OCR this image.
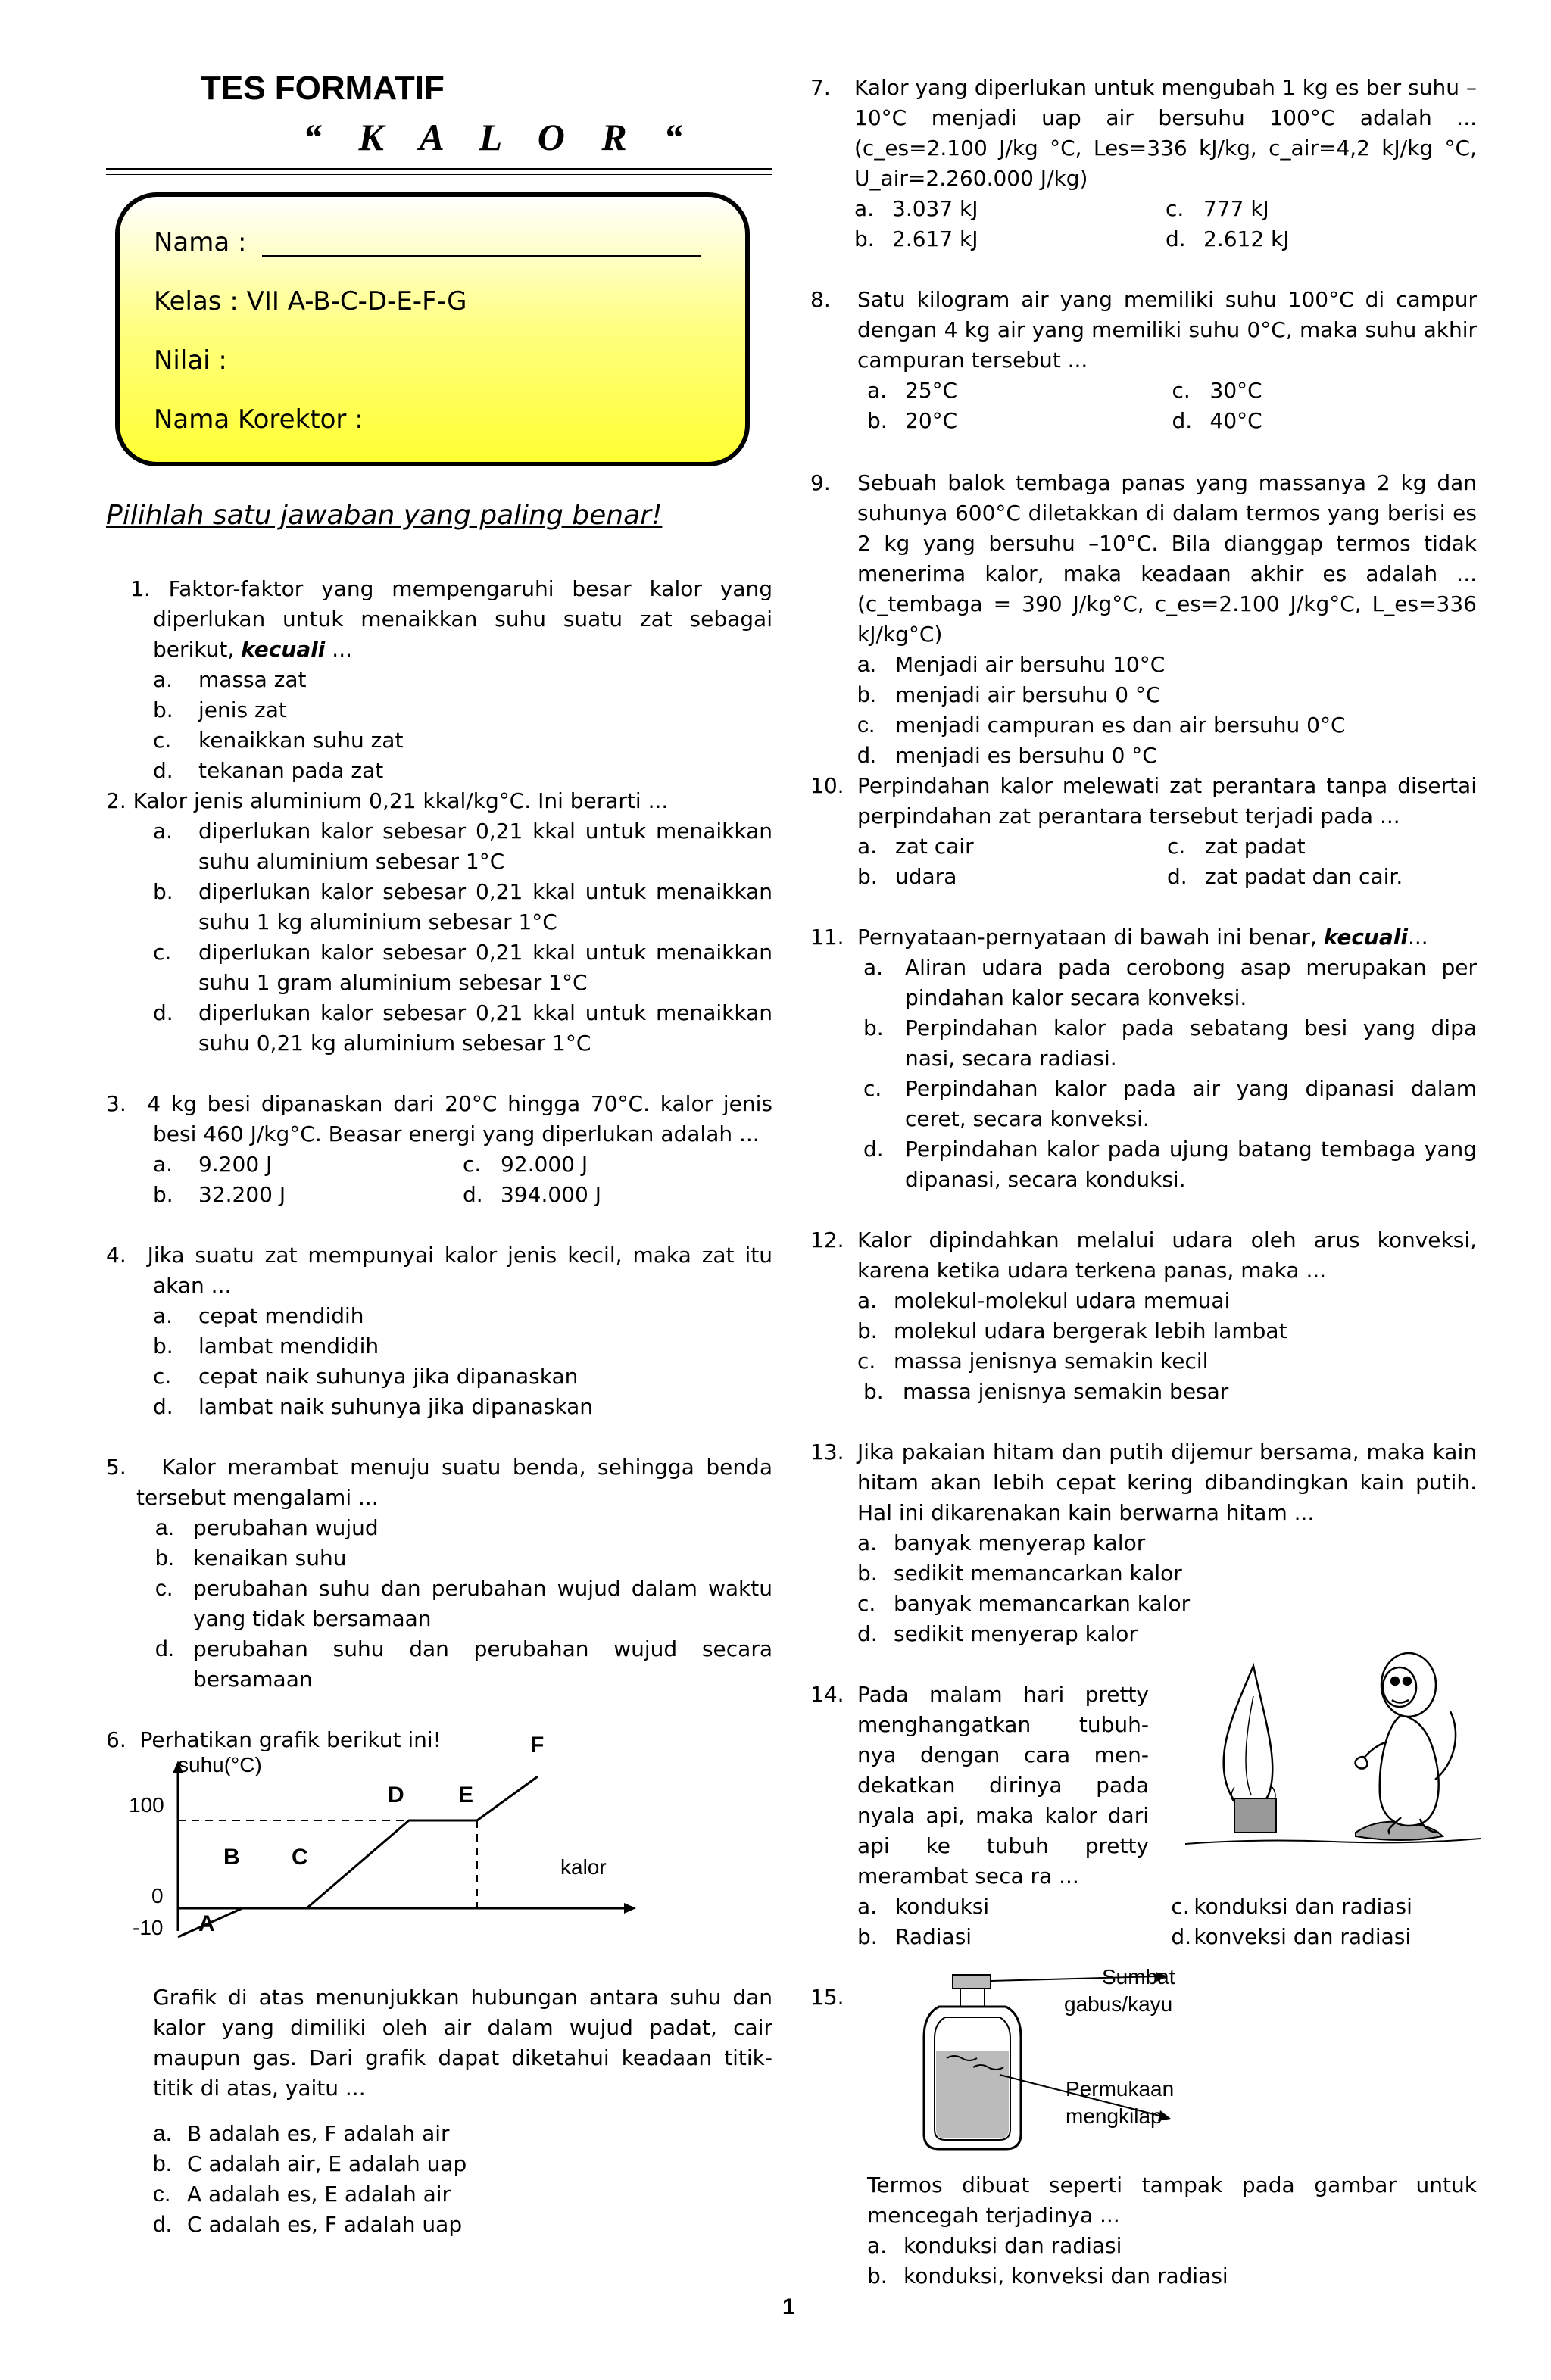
TES FORMATIF
“ K A L O R “
Nama :
Kelas : VII A-B-C-D-E-F-G
Nilai :
Nama Korektor :
Pilihlah satu jawaban yang paling benar!

1. Faktor-faktor yang mempengaruhi besar kalor yang diperlukan untuk menaikkan suhu suatu zat sebagai berikut, kecuali ...

a.	massa zat
b.	jenis zat
c.	kenaikkan suhu zat
d.	tekanan pada zat

2. Kalor jenis aluminium 0,21 kkal/kg°C. Ini berarti ...

a.	diperlukan kalor sebesar 0,21 kkal untuk menaikkan suhu aluminium sebesar 1°C
b.	diperlukan kalor sebesar 0,21 kkal untuk menaikkan suhu 1 kg aluminium sebesar 1°C
c.	diperlukan kalor sebesar 0,21 kkal untuk menaikkan suhu 1 gram aluminium sebesar 1°C
d.	diperlukan kalor sebesar 0,21 kkal untuk menaikkan suhu 0,21 kg aluminium sebesar 1°C

3. 4 kg besi dipanaskan dari 20°C hingga 70°C. kalor jenis besi 460 J/kg°C. Beasar energi yang diperlukan adalah ...

a.	9.200 J	c. 92.000 J
b.	32.200 J	d. 394.000 J

4. Jika suatu zat mempunyai kalor jenis kecil, maka zat itu akan ...

a.	cepat mendidih
b.	lambat mendidih
c.	cepat naik suhunya jika dipanaskan
d.	lambat naik suhunya jika dipanaskan

5. Kalor merambat menuju suatu benda, sehingga benda tersebut mengalami ...

a. perubahan wujud
b. kenaikan suhu
c. perubahan suhu dan perubahan wujud dalam waktu yang tidak bersamaan
d. perubahan suhu dan perubahan wujud secara bersamaan

6. Perhatikan grafik berikut ini!

suhu(°C)
kalor
100
0
-10 A
B C
D E
F

Grafik di atas menunjukkan hubungan antara suhu dan kalor yang dimiliki oleh air dalam wujud padat, cair maupun gas. Dari grafik dapat diketahui keadaan titik-titik di atas, yaitu ...

a. B adalah es, F adalah air
b. C adalah air, E adalah uap
c. A adalah es, E adalah air
d. C adalah es, F adalah uap
7.	Kalor yang diperlukan untuk mengubah 1 kg es ber suhu –10°C menjadi uap air bersuhu 100°C adalah ... (c_es=2.100 J/kg °C, Les=336 kJ/kg, c_air=4,2 kJ/kg °C, U_air=2.260.000 J/kg)

a. 3.037 kJ	c. 777 kJ
b. 2.617 kJ	d. 2.612 kJ
8.	Satu kilogram air yang memiliki suhu 100°C di campur dengan 4 kg air yang memiliki suhu 0°C, maka suhu akhir campuran tersebut ...

a. 25°C	c. 30°C
b. 20°C	d. 40°C
9.	Sebuah balok tembaga panas yang massanya 2 kg dan suhunya 600°C diletakkan di dalam termos yang berisi es 2 kg yang bersuhu –10°C. Bila dianggap termos tidak menerima kalor, maka keadaan akhir es adalah ... (c_tembaga = 390 J/kg°C, c_es=2.100 J/kg°C, L_es=336 kJ/kg°C)

a. Menjadi air bersuhu 10°C
b. menjadi air bersuhu 0 °C
c. menjadi campuran es dan air bersuhu 0°C
d. menjadi es bersuhu 0 °C
10. Perpindahan kalor melewati zat perantara tanpa disertai perpindahan zat perantara tersebut terjadi pada ...

a. zat cair	c. zat padat
b. udara	d. zat padat dan cair.
11. Pernyataan-pernyataan di bawah ini benar, kecuali...

a. Aliran udara pada cerobong asap merupakan per pindahan kalor secara konveksi.
b. Perpindahan kalor pada sebatang besi yang dipa nasi, secara radiasi.
c. Perpindahan kalor pada air yang dipanasi dalam ceret, secara konveksi.
d. Perpindahan kalor pada ujung batang tembaga yang dipanasi, secara konduksi.
12. Kalor dipindahkan melalui udara oleh arus konveksi, karena ketika udara terkena panas, maka ...

a. molekul-molekul udara memuai
b. molekul udara bergerak lebih lambat
c. massa jenisnya semakin kecil
b. massa jenisnya semakin besar
13. Jika pakaian hitam dan putih dijemur bersama, maka kain hitam akan lebih cepat kering dibandingkan kain putih. Hal ini dikarenakan kain berwarna hitam ...

a. banyak menyerap kalor
b. sedikit memancarkan kalor
c. banyak memancarkan kalor
d. sedikit menyerap kalor
14. Pada malam hari pretty menghangatkan tubuh- nya dengan cara men- dekatkan dirinya pada nyala api, maka kalor dari api ke tubuh pretty merambat seca ra ...

a. konduksi	c. konduksi dan radiasi
b. Radiasi	d. konveksi dan radiasi
15.
Sumbat
gabus/kayu
Permukaan
mengkilap

Termos dibuat seperti tampak pada gambar untuk mencegah terjadinya ...

a. konduksi dan radiasi
b. konduksi, konveksi dan radiasi
1
